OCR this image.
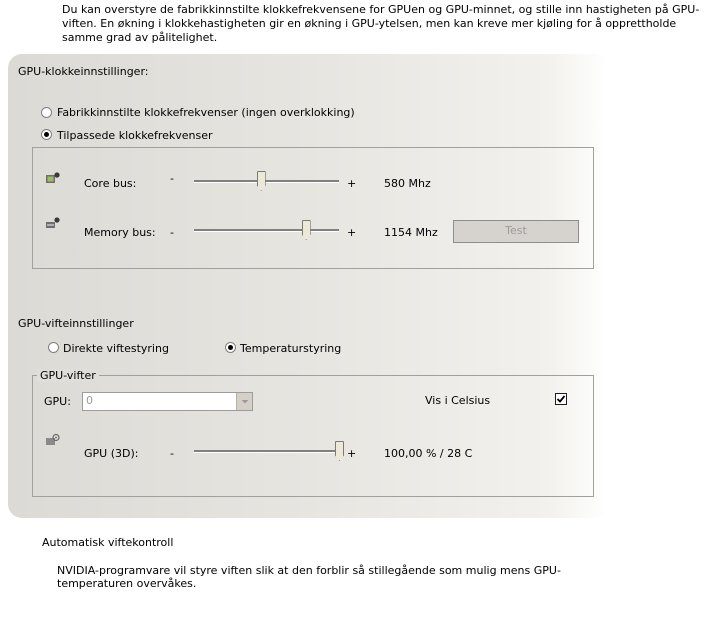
Du kan overstyre de fabrikkinnstilte klokkefrekvensene for GPUen og GPU-minnet, og stille inn hastigheten på GPU-viften. En økning i klokkehastigheten gir en økning i GPU-ytelsen, men kan kreve mer kjøling for å opprettholde samme grad av pålitelighet.
GPU-klokkeinnstillinger:
Fabrikkinnstilte klokkefrekvenser (ingen overklokking)
Tilpassede klokkefrekvenser
Core bus:	-	+	580 Mhz
Memory bus: -	+	1154 Mhz	Test
GPU-vifteinnstillinger
Direkte viftestyring	Temperaturstyring
GPU-vifter
GPU:	0	Vis i Celsius
GPU (3D):	-	+	100,00 % / 28 C
Automatisk viftekontroll
NVIDIA-programvare vil styre viften slik at den forblir så stillegående som mulig mens GPU-temperaturen overvåkes.
